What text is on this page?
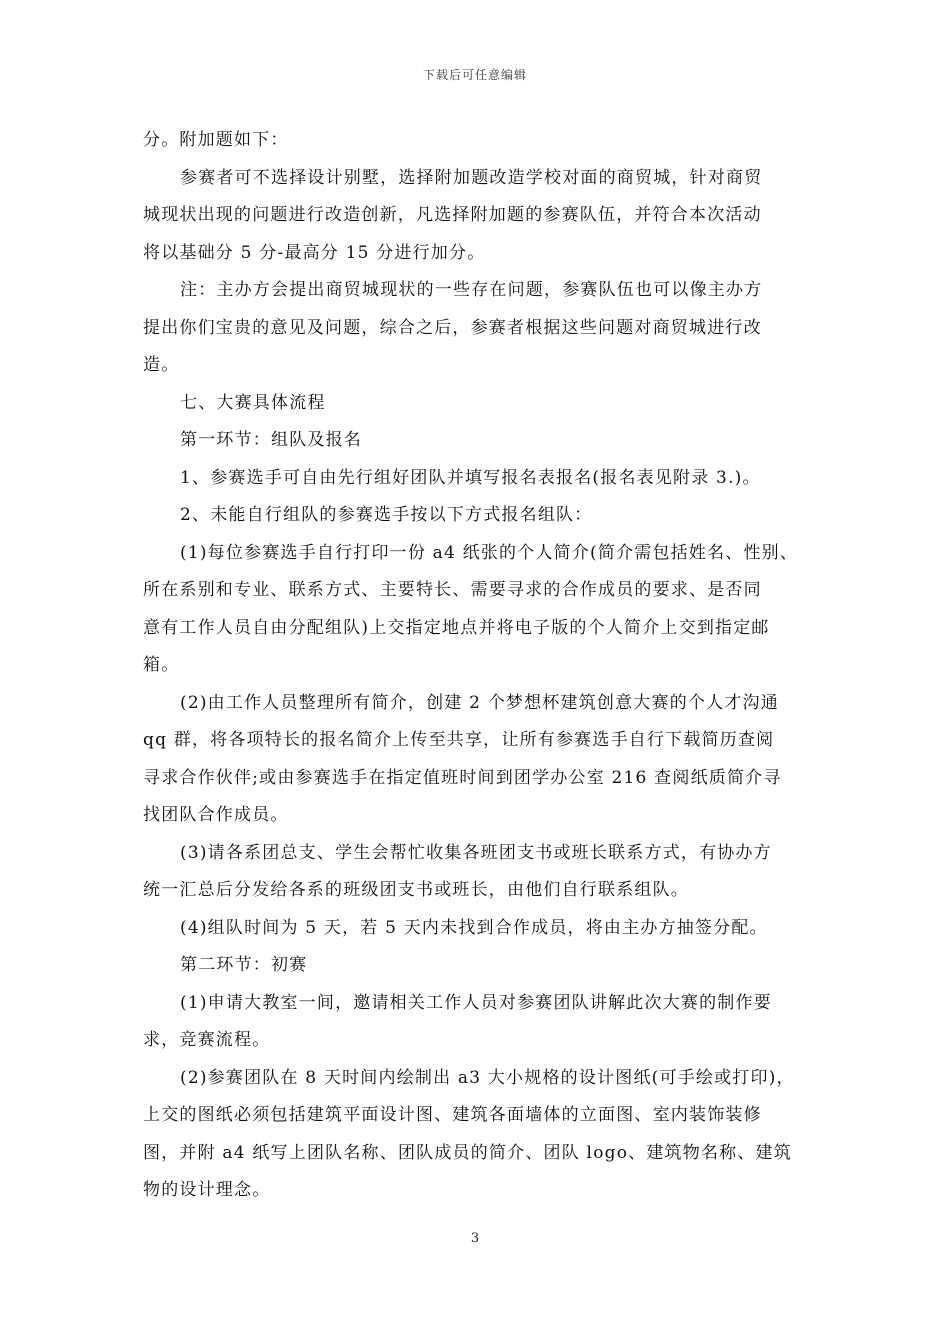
下载后可任意编辑
分。附加题如下：
参赛者可不选择设计别墅，选择附加题改造学校对面的商贸城，针对商贸
城现状出现的问题进行改造创新，凡选择附加题的参赛队伍，并符合本次活动
将以基础分 5 分-最高分 15 分进行加分。
注：主办方会提出商贸城现状的一些存在问题，参赛队伍也可以像主办方
提出你们宝贵的意见及问题，综合之后，参赛者根据这些问题对商贸城进行改
造。
七、大赛具体流程
第一环节：组队及报名
1、参赛选手可自由先行组好团队并填写报名表报名(报名表见附录 3.)。
2、未能自行组队的参赛选手按以下方式报名组队：
(1)每位参赛选手自行打印一份 a4 纸张的个人简介(简介需包括姓名、性别、
所在系别和专业、联系方式、主要特长、需要寻求的合作成员的要求、是否同
意有工作人员自由分配组队)上交指定地点并将电子版的个人简介上交到指定邮
箱。
(2)由工作人员整理所有简介，创建 2 个梦想杯建筑创意大赛的个人才沟通
qq 群，将各项特长的报名简介上传至共享，让所有参赛选手自行下载简历查阅
寻求合作伙伴;或由参赛选手在指定值班时间到团学办公室 216 查阅纸质简介寻
找团队合作成员。
(3)请各系团总支、学生会帮忙收集各班团支书或班长联系方式，有协办方
统一汇总后分发给各系的班级团支书或班长，由他们自行联系组队。
(4)组队时间为 5 天，若 5 天内未找到合作成员，将由主办方抽签分配。
第二环节：初赛
(1)申请大教室一间，邀请相关工作人员对参赛团队讲解此次大赛的制作要
求，竞赛流程。
(2)参赛团队在 8 天时间内绘制出 a3 大小规格的设计图纸(可手绘或打印)，
上交的图纸必须包括建筑平面设计图、建筑各面墙体的立面图、室内装饰装修
图，并附 a4 纸写上团队名称、团队成员的简介、团队 logo、建筑物名称、建筑
物的设计理念。
3
